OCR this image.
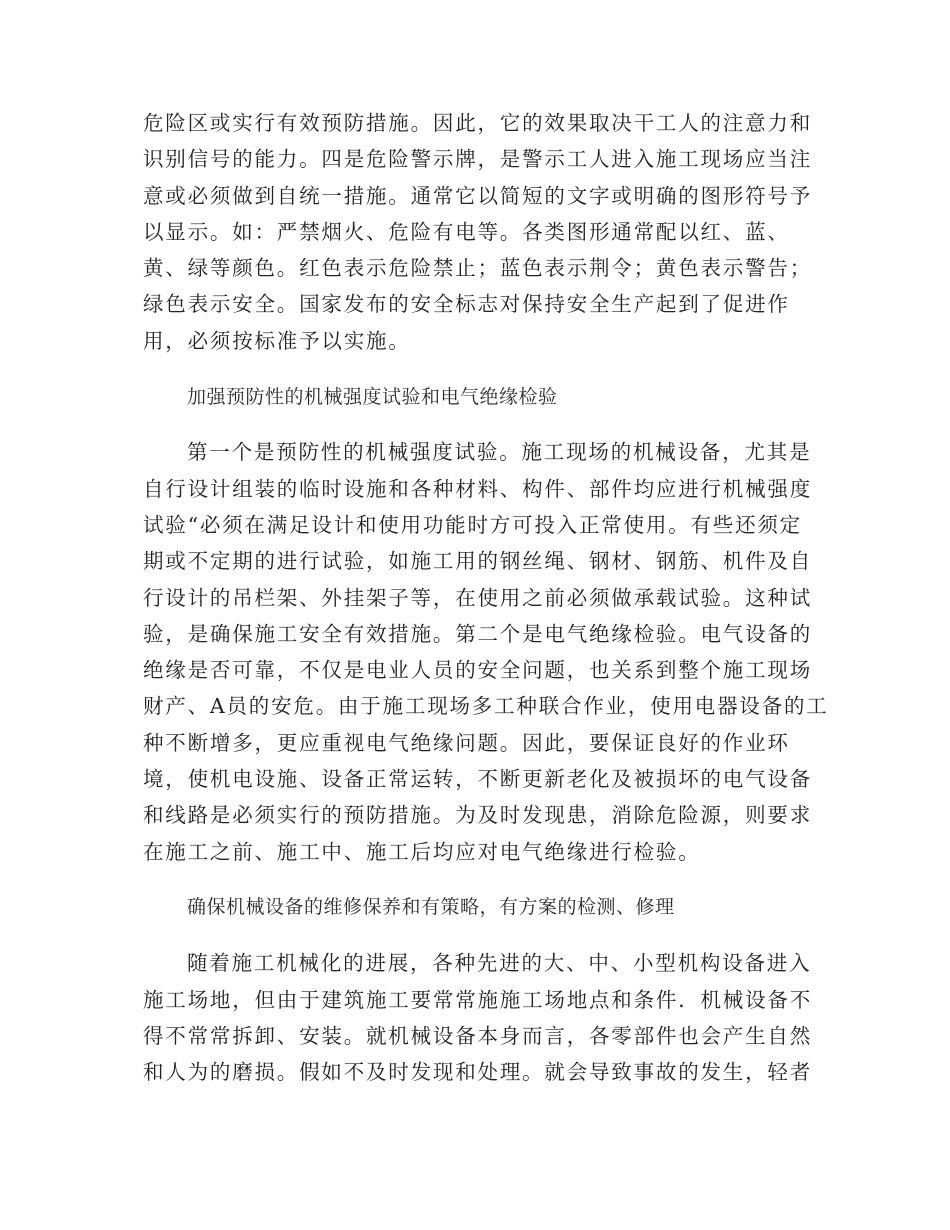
危险区或实行有效预防措施。因此，它的效果取决干工人的注意力和
识别信号的能力。四是危险警示牌，是警示工人进入施工现场应当注
意或必须做到自统一措施。通常它以简短的文字或明确的图形符号予
以显示。如：严禁烟火、危险有电等。各类图形通常配以红、蓝、
黄、绿等颜色。红色表示危险禁止；蓝色表示荆令；黄色表示警告；
绿色表示安全。国家发布的安全标志对保持安全生产起到了促进作
用，必须按标准予以实施。
加强预防性的机械强度试验和电气绝缘检验
第一个是预防性的机械强度试验。施工现场的机械设备，尤其是
自行设计组装的临时设施和各种材料、构件、部件均应进行机械强度
试验“必须在满足设计和使用功能时方可投入正常使用。有些还须定
期或不定期的进行试验，如施工用的钢丝绳、钢材、钢筋、机件及自
行设计的吊栏架、外挂架子等，在使用之前必须做承载试验。这种试
验，是确保施工安全有效措施。第二个是电气绝缘检验。电气设备的
绝缘是否可靠，不仅是电业人员的安全问题，也关系到整个施工现场
财产、A员的安危。由于施工现场多工种联合作业，使用电器设备的工
种不断增多，更应重视电气绝缘问题。因此，要保证良好的作业环
境，使机电设施、设备正常运转，不断更新老化及被损坏的电气设备
和线路是必须实行的预防措施。为及时发现患，消除危险源，则要求
在施工之前、施工中、施工后均应对电气绝缘进行检验。
确保机械设备的维修保养和有策略，有方案的检测、修理
随着施工机械化的进展，各种先进的大、中、小型机构设备进入
施工场地，但由于建筑施工要常常施施工场地点和条件．机械设备不
得不常常拆卸、安装。就机械设备本身而言，各零部件也会产生自然
和人为的磨损。假如不及时发现和处理。就会导致事故的发生，轻者
